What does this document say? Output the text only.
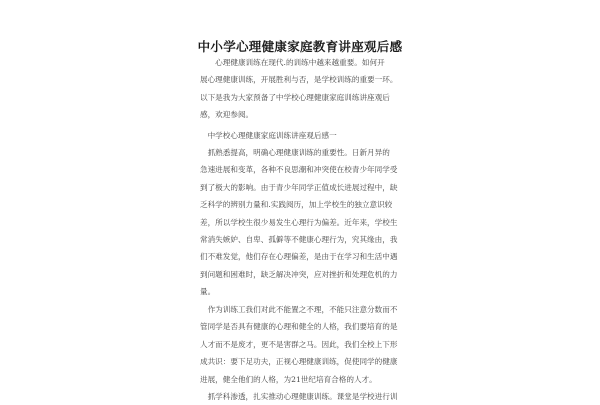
中小学心理健康家庭教育讲座观后感
　　心理健康训练在现代.的训练中越来越重要。如何开
展心理健康训练，开展胜利与否，是学校训练的重要一环。
以下是我为大家预备了中学校心理健康家庭训练讲座观后
感，欢迎参阅。
　中学校心理健康家庭训练讲座观后感一
　抓熟悉提高，明确心理健康训练的重要性。日新月异的
急速进展和变革，各种不良思潮和冲突使在校青少年同学受
到了极大的影响。由于青少年同学正值成长进展过程中，缺
乏科学的辨别力量和.实践阅历，加上学校生的独立意识较
差，所以学校生很少易发生心理行为偏差。近年来，学校生
常消失嫉妒、自卑、孤僻等不健康心理行为，究其缘由，我
们不难发觉，他们存在心理偏差，是由于在学习和生活中遇
到问题和困难时，缺乏解决冲突，应对挫折和处理危机的力
量。
　作为训练工我们对此不能置之不理，不能只注意分数而不
管同学是否具有健康的心理和健全的人格，我们要培育的是
人才而不是废才，更不是害群之马。因此，我们全校上下形
成共识：要下足功夫，正视心理健康训练，促使同学的健康
进展，健全他们的人格，为21世纪培育合格的人才。
　抓学科渗透，扎实推动心理健康训练。课堂是学校进行训
